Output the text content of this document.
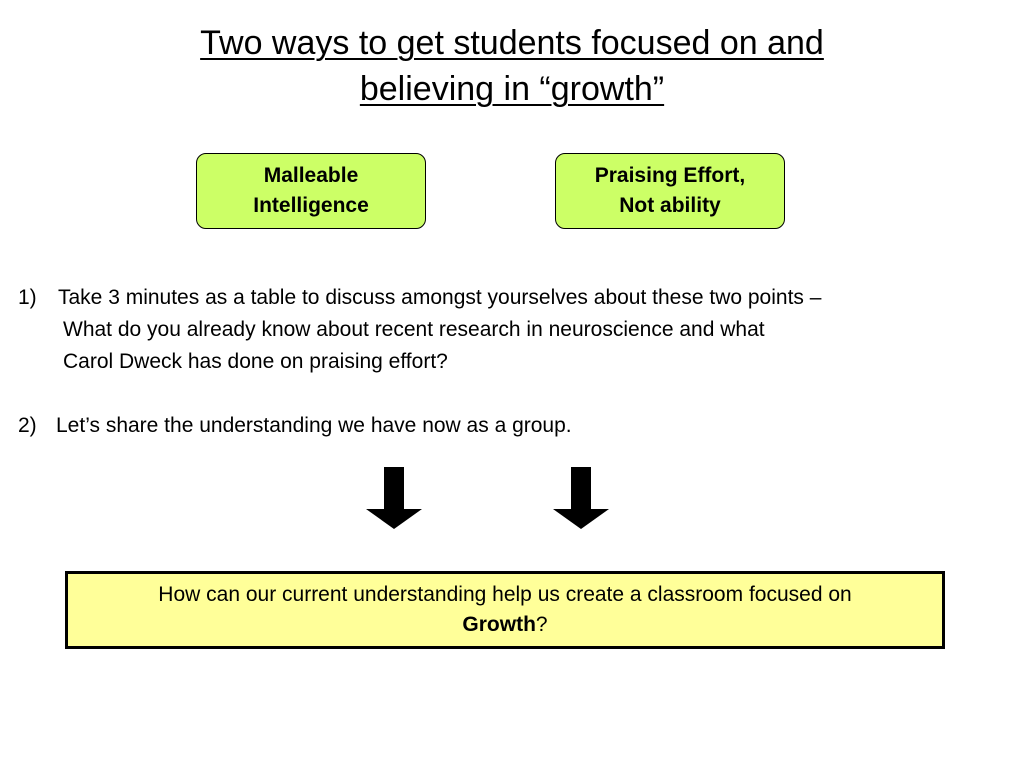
Two ways to get students focused on and
believing in “growth”
Malleable
Intelligence
Praising Effort,
Not ability
1)	Take 3 minutes as a table to discuss amongst yourselves about these two points –
What do you already know about recent research in neuroscience and what
Carol Dweck has done on praising effort?
2) Let’s share the understanding we have now as a group.
How can our current understanding help us create a classroom focused on
Growth?
